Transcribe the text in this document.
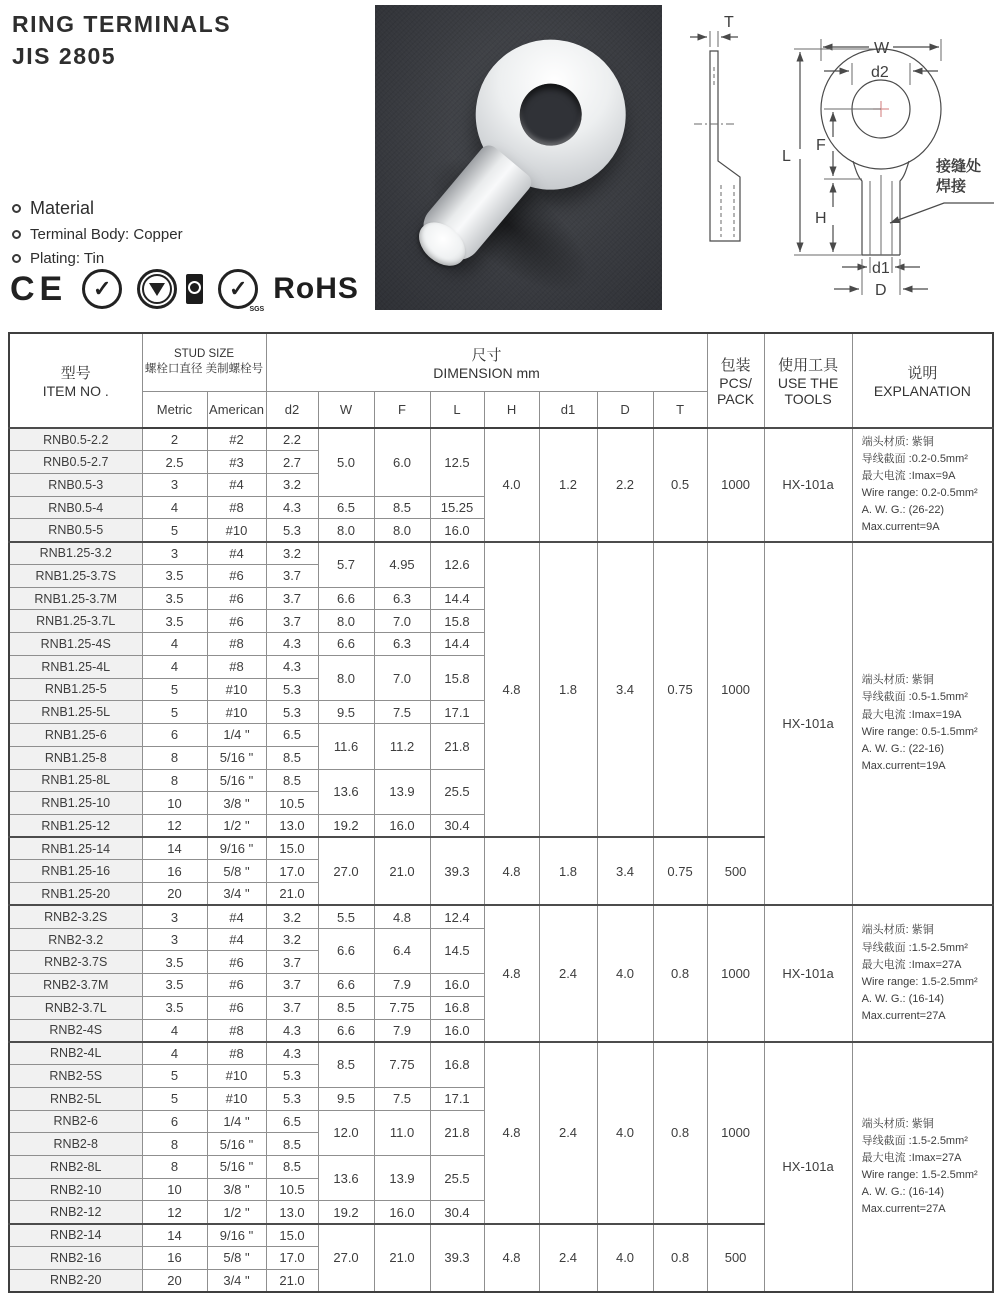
RING TERMINALS
JIS 2805
Material
Terminal Body: Copper
Plating: Tin
CE ✓	✓
SGS
RoHS
T
W
d2
L
F
H
d1
D
接缝处
焊接
型号
ITEM NO .

STUD SIZE
螺栓口直径 美制螺栓号

尺寸
DIMENSION mm	包装
PCS/
PACK

使用工具
USE THE
TOOLS

说明
EXPLANATION

	Metric	American	d2	W	F	L	H	d1	D	T			
RNB0.5-2.2	2	#2	2.2	5.0	6.0	12.5	4.0	1.2	2.2	0.5	1000	HX-101a	
端头材质: 紫铜
导线截面 :0.2-0.5mm²
最大电流 :Imax=9A
Wire range: 0.2-0.5mm²
A. W. G.: (26-22)
Max.current=9A

RNB0.5-2.7	2.5	#3	2.7										
RNB0.5-3	3	#4	3.2										
RNB0.5-4	4	#8	4.3	6.5	8.5	15.25							
RNB0.5-5	5	#10	5.3	8.0	8.0	16.0							
RNB1.25-3.2	3	#4	3.2	5.7	4.95	12.6	4.8	1.8	3.4	0.75	1000	HX-101a	
端头材质: 紫铜
导线截面 :0.5-1.5mm²
最大电流 :Imax=19A
Wire range: 0.5-1.5mm²
A. W. G.: (22-16)
Max.current=19A

RNB1.25-3.7S	3.5	#6	3.7										
RNB1.25-3.7M	3.5	#6	3.7	6.6	6.3	14.4							
RNB1.25-3.7L	3.5	#6	3.7	8.0	7.0	15.8							
RNB1.25-4S	4	#8	4.3	6.6	6.3	14.4							
RNB1.25-4L	4	#8	4.3	8.0	7.0	15.8							
RNB1.25-5	5	#10	5.3										
RNB1.25-5L	5	#10	5.3	9.5	7.5	17.1							
RNB1.25-6	6	1/4 "	6.5	11.6	11.2	21.8							
RNB1.25-8	8	5/16 "	8.5										
RNB1.25-8L	8	5/16 "	8.5	13.6	13.9	25.5							
RNB1.25-10	10	3/8 "	10.5										
RNB1.25-12	12	1/2 "	13.0	19.2	16.0	30.4							
RNB1.25-14	14	9/16 "	15.0	27.0	21.0	39.3	4.8	1.8	3.4	0.75	500		
RNB1.25-16	16	5/8 "	17.0										
RNB1.25-20	20	3/4 "	21.0										
RNB2-3.2S	3	#4	3.2	5.5	4.8	12.4	4.8	2.4	4.0	0.8	1000	HX-101a	
端头材质: 紫铜
导线截面 :1.5-2.5mm²
最大电流 :Imax=27A
Wire range: 1.5-2.5mm²
A. W. G.: (16-14)
Max.current=27A

RNB2-3.2	3	#4	3.2	6.6	6.4	14.5							
RNB2-3.7S	3.5	#6	3.7										
RNB2-3.7M	3.5	#6	3.7	6.6	7.9	16.0							
RNB2-3.7L	3.5	#6	3.7	8.5	7.75	16.8							
RNB2-4S	4	#8	4.3	6.6	7.9	16.0							
RNB2-4L	4	#8	4.3	8.5	7.75	16.8	4.8	2.4	4.0	0.8	1000	HX-101a	
端头材质: 紫铜
导线截面 :1.5-2.5mm²
最大电流 :Imax=27A
Wire range: 1.5-2.5mm²
A. W. G.: (16-14)
Max.current=27A

RNB2-5S	5	#10	5.3										
RNB2-5L	5	#10	5.3	9.5	7.5	17.1							
RNB2-6	6	1/4 "	6.5	12.0	11.0	21.8							
RNB2-8	8	5/16 "	8.5										
RNB2-8L	8	5/16 "	8.5	13.6	13.9	25.5							
RNB2-10	10	3/8 "	10.5										
RNB2-12	12	1/2 "	13.0	19.2	16.0	30.4							
RNB2-14	14	9/16 "	15.0	27.0	21.0	39.3	4.8	2.4	4.0	0.8	500		
RNB2-16	16	5/8 "	17.0										
RNB2-20	20	3/4 "	21.0										
